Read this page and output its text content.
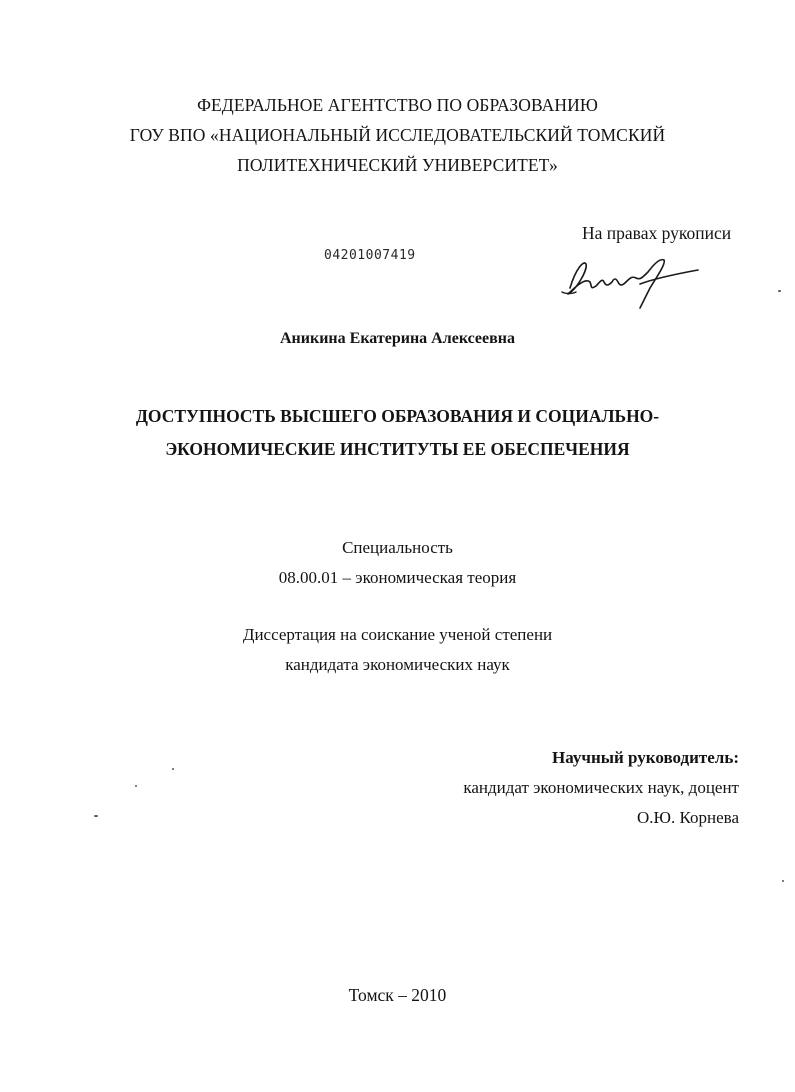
ФЕДЕРАЛЬНОЕ АГЕНТСТВО ПО ОБРАЗОВАНИЮ
ГОУ ВПО «НАЦИОНАЛЬНЫЙ ИССЛЕДОВАТЕЛЬСКИЙ ТОМСКИЙ
ПОЛИТЕХНИЧЕСКИЙ УНИВЕРСИТЕТ»
04201007419
На правах рукописи
Аникина Екатерина Алексеевна
ДОСТУПНОСТЬ ВЫСШЕГО ОБРАЗОВАНИЯ И СОЦИАЛЬНО-
ЭКОНОМИЧЕСКИЕ ИНСТИТУТЫ ЕЕ ОБЕСПЕЧЕНИЯ
Специальность
08.00.01 – экономическая теория
Диссертация на соискание ученой степени
кандидата экономических наук
Научный руководитель:
кандидат экономических наук, доцент
О.Ю. Корнева
Томск – 2010
